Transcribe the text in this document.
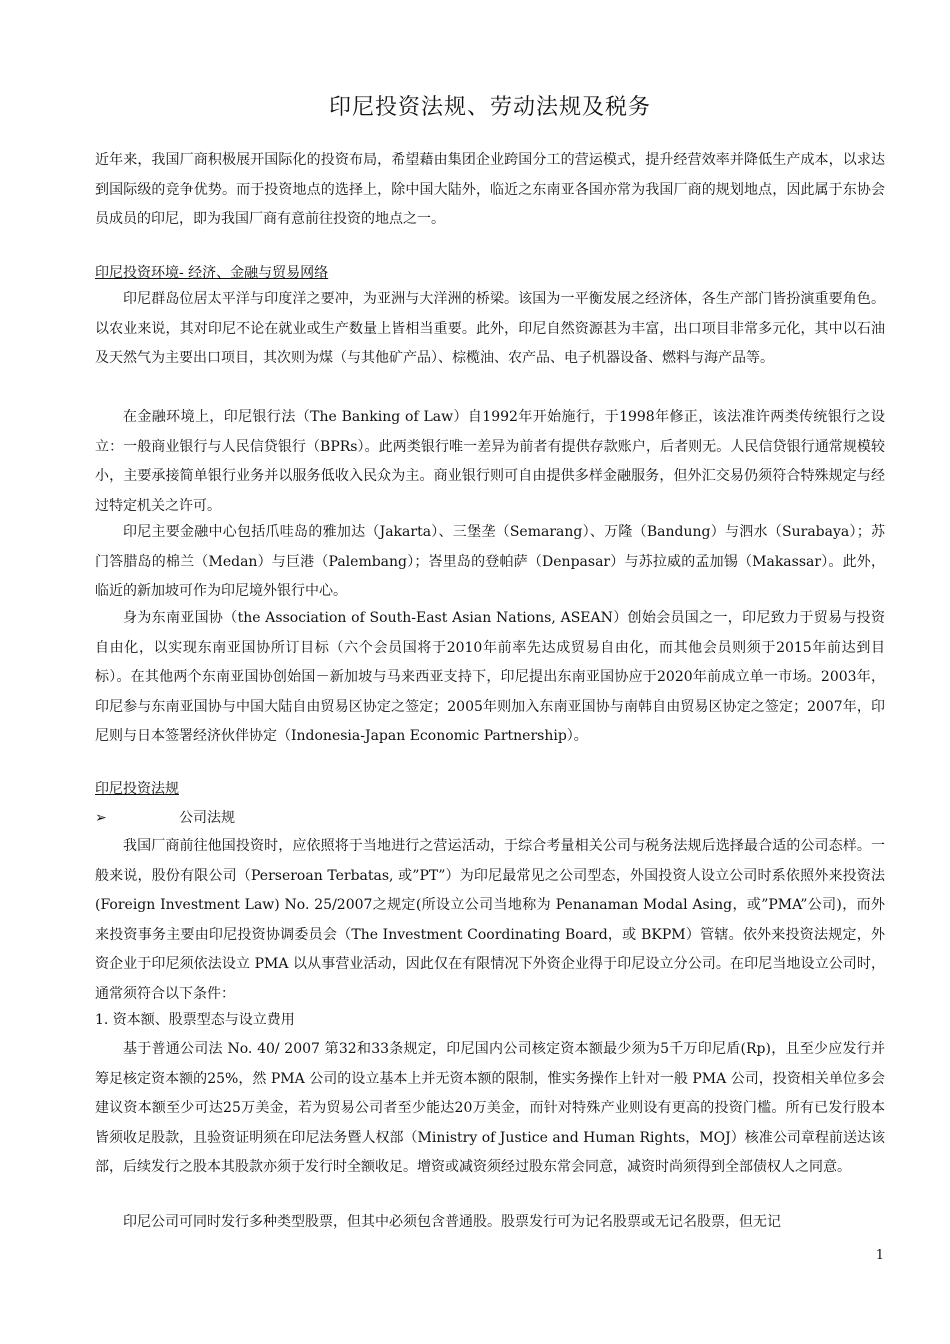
印尼投资法规、劳动法规及税务
近年来，我国厂商积极展开国际化的投资布局，希望藉由集团企业跨国分工的营运模式，提升经营效率并降低生产成本，以求达到国际级的竞争优势。而于投资地点的选择上，除中国大陆外，临近之东南亚各国亦常为我国厂商的规划地点，因此属于东协会员成员的印尼，即为我国厂商有意前往投资的地点之一。
印尼投资环境- 经济、金融与贸易网络
印尼群岛位居太平洋与印度洋之要冲，为亚洲与大洋洲的桥梁。该国为一平衡发展之经济体，各生产部门皆扮演重要角色。以农业来说，其对印尼不论在就业或生产数量上皆相当重要。此外，印尼自然资源甚为丰富，出口项目非常多元化，其中以石油及天然气为主要出口项目，其次则为煤（与其他矿产品）、棕榄油、农产品、电子机器设备、燃料与海产品等。
在金融环境上，印尼银行法（The Banking of Law）自1992年开始施行，于1998年修正，该法准许两类传统银行之设立：一般商业银行与人民信贷银行（BPRs）。此两类银行唯一差异为前者有提供存款账户，后者则无。人民信贷银行通常规模较小，主要承接简单银行业务并以服务低收入民众为主。商业银行则可自由提供多样金融服务，但外汇交易仍须符合特殊规定与经过特定机关之许可。
印尼主要金融中心包括爪哇岛的雅加达（Jakarta）、三堡垄（Semarang）、万隆（Bandung）与泗水（Surabaya）；苏门答腊岛的棉兰（Medan）与巨港（Palembang）；峇里岛的登帕萨（Denpasar）与苏拉威的孟加锡（Makassar）。此外，临近的新加坡可作为印尼境外银行中心。
身为东南亚国协（the Association of South-East Asian Nations, ASEAN）创始会员国之一，印尼致力于贸易与投资自由化，以实现东南亚国协所订目标（六个会员国将于2010年前率先达成贸易自由化，而其他会员则须于2015年前达到目标）。在其他两个东南亚国协创始国－新加坡与马来西亚支持下，印尼提出东南亚国协应于2020年前成立单一市场。2003年，印尼参与东南亚国协与中国大陆自由贸易区协定之签定；2005年则加入东南亚国协与南韩自由贸易区协定之签定；2007年，印尼则与日本签署经济伙伴协定（Indonesia-Japan Economic Partnership）。
印尼投资法规
➢	公司法规
我国厂商前往他国投资时，应依照将于当地进行之营运活动，于综合考量相关公司与税务法规后选择最合适的公司态样。一般来说，股份有限公司（Perseroan Terbatas, 或”PT”）为印尼最常见之公司型态，外国投资人设立公司时系依照外来投资法(Foreign Investment Law) No. 25/2007之规定(所设立公司当地称为 Penanaman Modal Asing，或”PMA”公司)，而外来投资事务主要由印尼投资协调委员会（The Investment Coordinating Board，或 BKPM）管辖。依外来投资法规定，外资企业于印尼须依法设立 PMA 以从事营业活动，因此仅在有限情况下外资企业得于印尼设立分公司。在印尼当地设立公司时，通常须符合以下条件：
1. 资本额、股票型态与设立费用
基于普通公司法 No. 40/ 2007 第32和33条规定，印尼国内公司核定资本额最少须为5千万印尼盾(Rp)，且至少应发行并筹足核定资本额的25%，然 PMA 公司的设立基本上并无资本额的限制，惟实务操作上针对一般 PMA 公司，投资相关单位多会建议资本额至少可达25万美金，若为贸易公司者至少能达20万美金，而针对特殊产业则设有更高的投资门槛。所有已发行股本皆须收足股款，且验资证明须在印尼法务暨人权部（Ministry of Justice and Human Rights，MOJ）核准公司章程前送达该部，后续发行之股本其股款亦须于发行时全额收足。增资或减资须经过股东常会同意，减资时尚须得到全部债权人之同意。
印尼公司可同时发行多种类型股票，但其中必须包含普通股。股票发行可为记名股票或无记名股票，但无记
1
